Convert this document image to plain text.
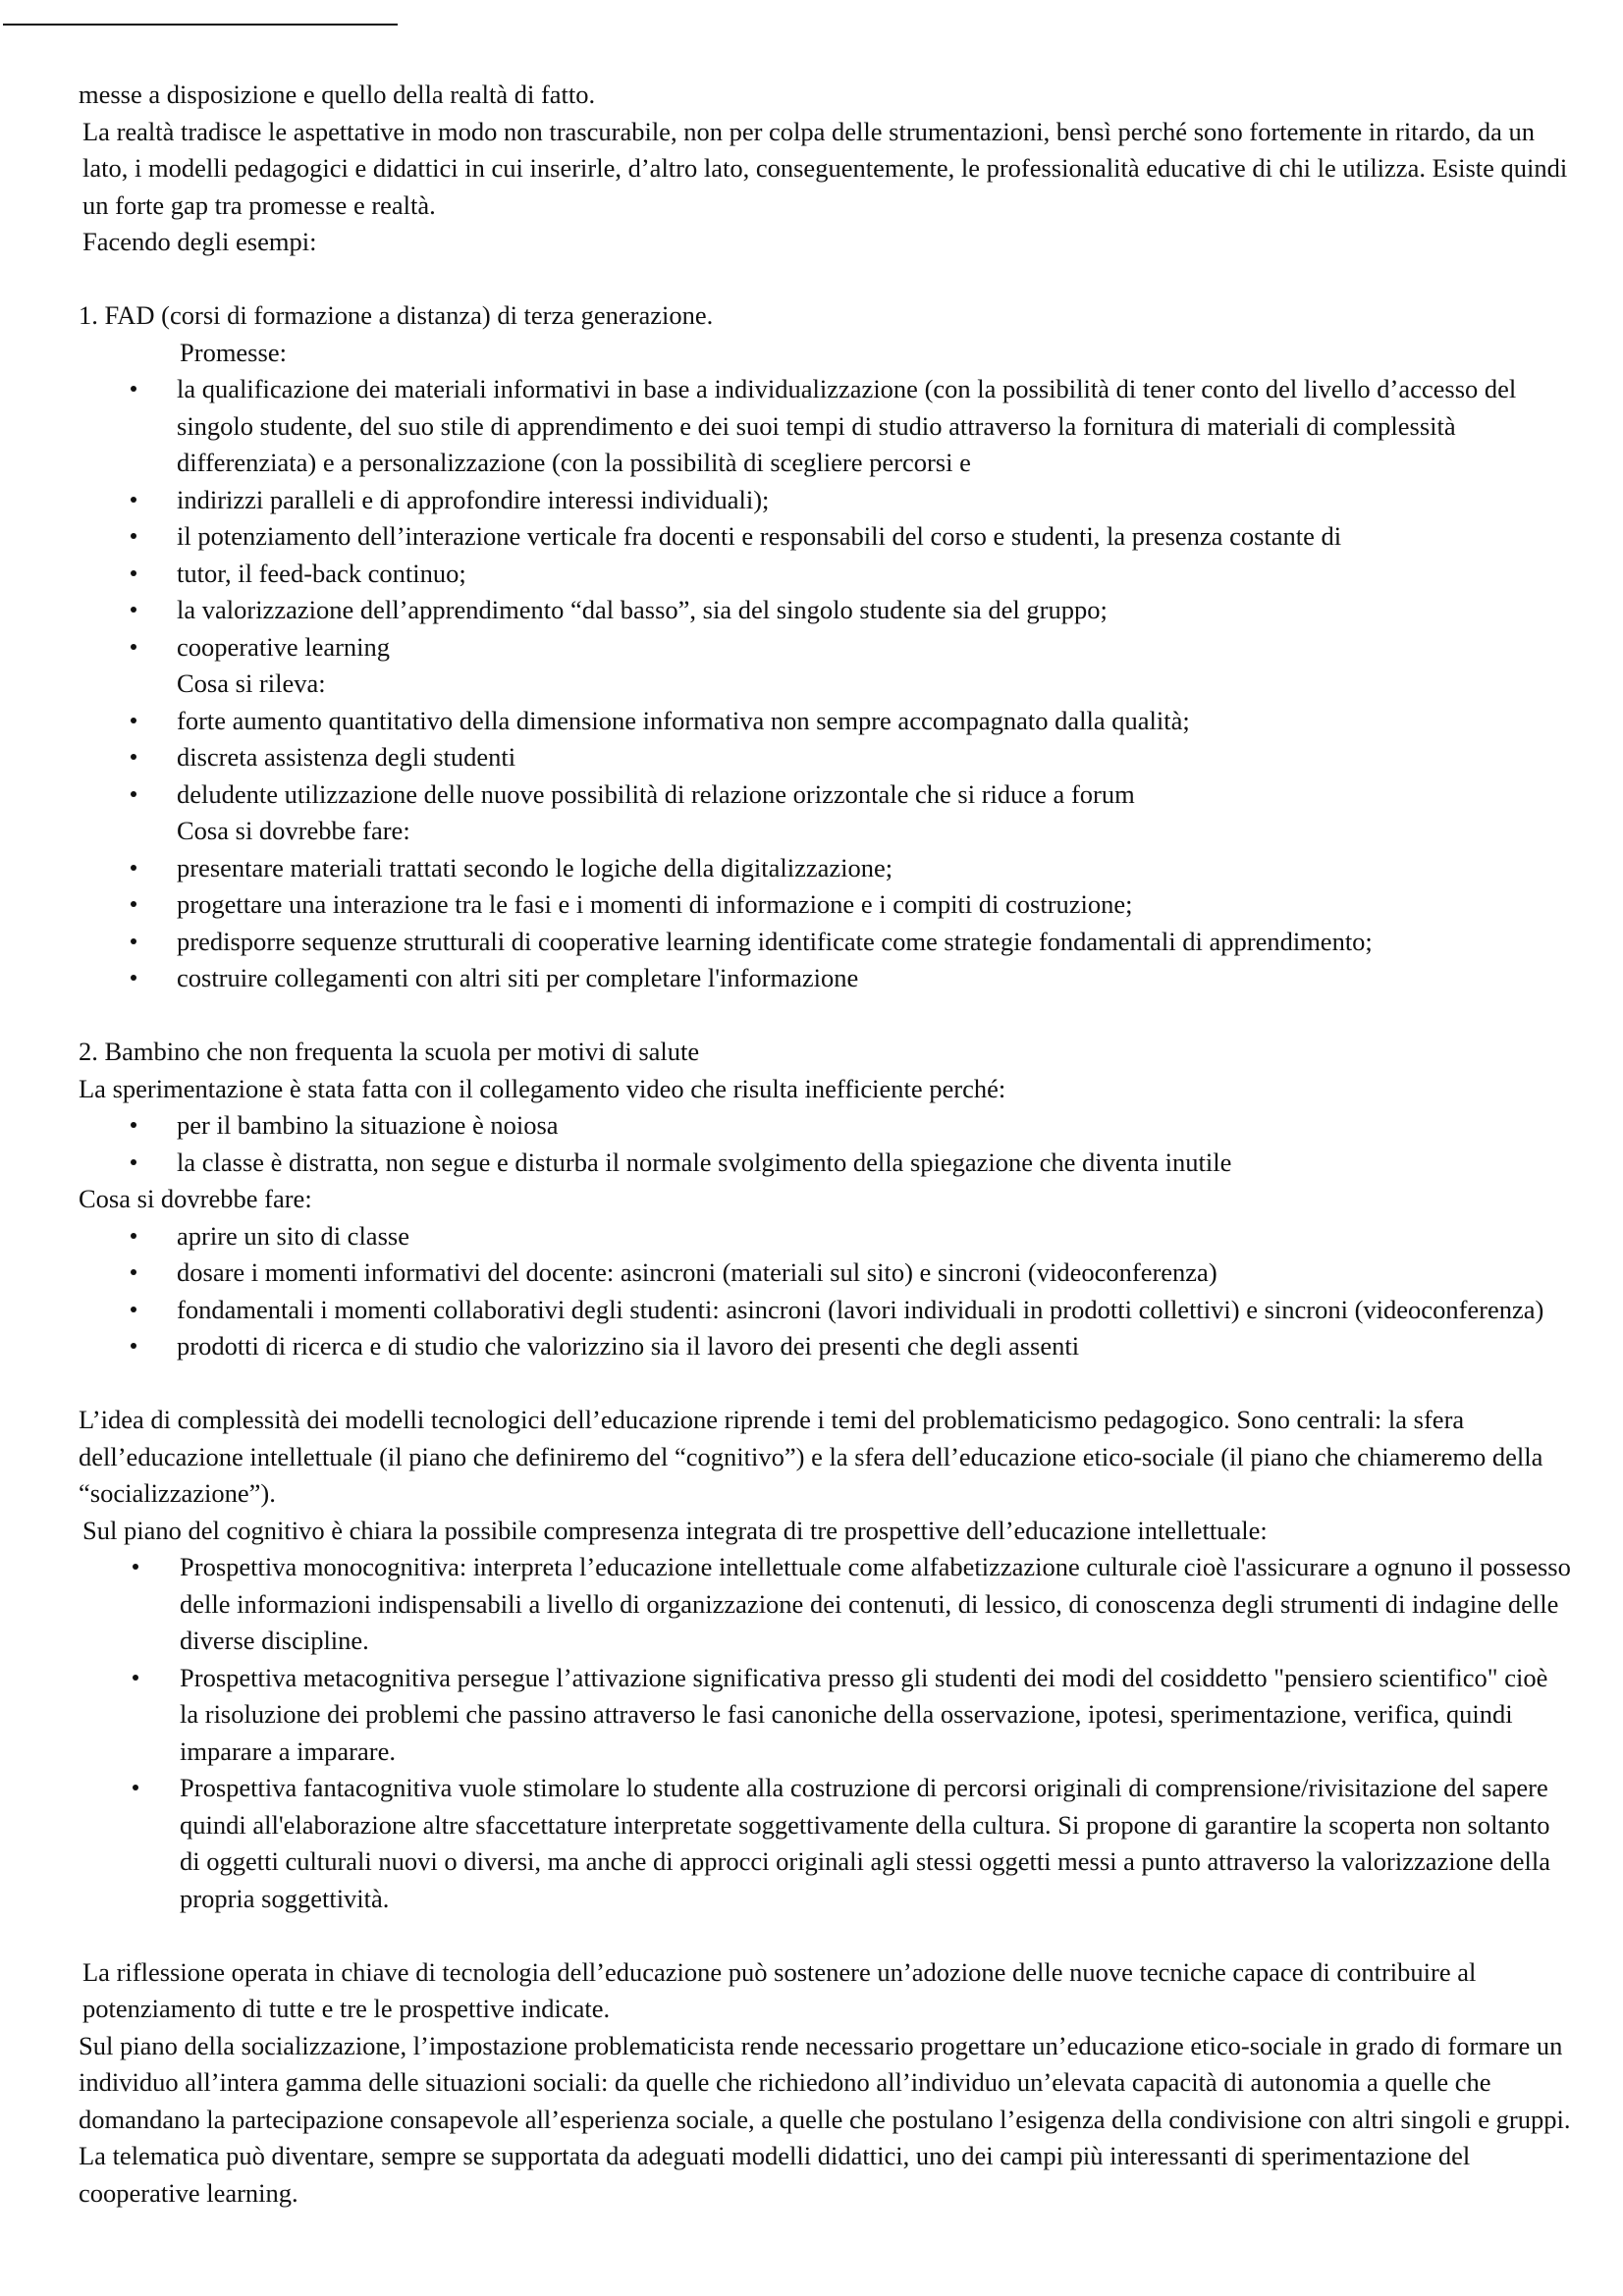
messe a disposizione e quello della realtà di fatto.

La realtà tradisce le aspettative in modo non trascurabile, non per colpa delle strumentazioni, bensì perché sono fortemente in ritardo, da un lato, i modelli pedagogici e didattici in cui inserirle, d’altro lato, conseguentemente, le professionalità educative di chi le utilizza. Esiste quindi un forte gap tra promesse e realtà.

Facendo degli esempi:

1. FAD (corsi di formazione a distanza) di terza generazione.

Promesse:

la qualificazione dei materiali informativi in base a individualizzazione (con la possibilità di tener conto del livello d’accesso del singolo studente, del suo stile di apprendimento e dei suoi tempi di studio attraverso la fornitura di materiali di complessità differenziata) e a personalizzazione (con la possibilità di scegliere percorsi e
indirizzi paralleli e di approfondire interessi individuali);
il potenziamento dell’interazione verticale fra docenti e responsabili del corso e studenti, la presenza costante di
tutor, il feed-back continuo;
la valorizzazione dell’apprendimento “dal basso”, sia del singolo studente sia del gruppo;
cooperative learning

Cosa si rileva:

forte aumento quantitativo della dimensione informativa non sempre accompagnato dalla qualità;
discreta assistenza degli studenti
deludente utilizzazione delle nuove possibilità di relazione orizzontale che si riduce a forum

Cosa si dovrebbe fare:

presentare materiali trattati secondo le logiche della digitalizzazione;
progettare una interazione tra le fasi e i momenti di informazione e i compiti di costruzione;
predisporre sequenze strutturali di cooperative learning identificate come strategie fondamentali di apprendimento;
costruire collegamenti con altri siti per completare l'informazione

2. Bambino che non frequenta la scuola per motivi di salute

La sperimentazione è stata fatta con il collegamento video che risulta inefficiente perché:

per il bambino la situazione è noiosa
la classe è distratta, non segue e disturba il normale svolgimento della spiegazione che diventa inutile

Cosa si dovrebbe fare:

aprire un sito di classe
dosare i momenti informativi del docente: asincroni (materiali sul sito) e sincroni (videoconferenza)
fondamentali i momenti collaborativi degli studenti: asincroni (lavori individuali in prodotti collettivi) e sincroni (videoconferenza)
prodotti di ricerca e di studio che valorizzino sia il lavoro dei presenti che degli assenti

L’idea di complessità dei modelli tecnologici dell’educazione riprende i temi del problematicismo pedagogico. Sono centrali: la sfera dell’educazione intellettuale (il piano che definiremo del “cognitivo”) e la sfera dell’educazione etico-sociale (il piano che chiameremo della “socializzazione”).

Sul piano del cognitivo è chiara la possibile compresenza integrata di tre prospettive dell’educazione intellettuale:

Prospettiva monocognitiva: interpreta l’educazione intellettuale come alfabetizzazione culturale cioè l'assicurare a ognuno il possesso delle informazioni indispensabili a livello di organizzazione dei contenuti, di lessico, di conoscenza degli strumenti di indagine delle diverse discipline.
Prospettiva metacognitiva persegue l’attivazione significativa presso gli studenti dei modi del cosiddetto "pensiero scientifico" cioè la risoluzione dei problemi che passino attraverso le fasi canoniche della osservazione, ipotesi, sperimentazione, verifica, quindi imparare a imparare.
Prospettiva fantacognitiva vuole stimolare lo studente alla costruzione di percorsi originali di comprensione/rivisitazione del sapere quindi all'elaborazione altre sfaccettature interpretate soggettivamente della cultura. Si propone di garantire la scoperta non soltanto di oggetti culturali nuovi o diversi, ma anche di approcci originali agli stessi oggetti messi a punto attraverso la valorizzazione della propria soggettività.

La riflessione operata in chiave di tecnologia dell’educazione può sostenere un’adozione delle nuove tecniche capace di contribuire al potenziamento di tutte e tre le prospettive indicate.

Sul piano della socializzazione, l’impostazione problematicista rende necessario progettare un’educazione etico-sociale in grado di formare un individuo all’intera gamma delle situazioni sociali: da quelle che richiedono all’individuo un’elevata capacità di autonomia a quelle che domandano la partecipazione consapevole all’esperienza sociale, a quelle che postulano l’esigenza della condivisione con altri singoli e gruppi. La telematica può diventare, sempre se supportata da adeguati modelli didattici, uno dei campi più interessanti di sperimentazione del cooperative learning.
